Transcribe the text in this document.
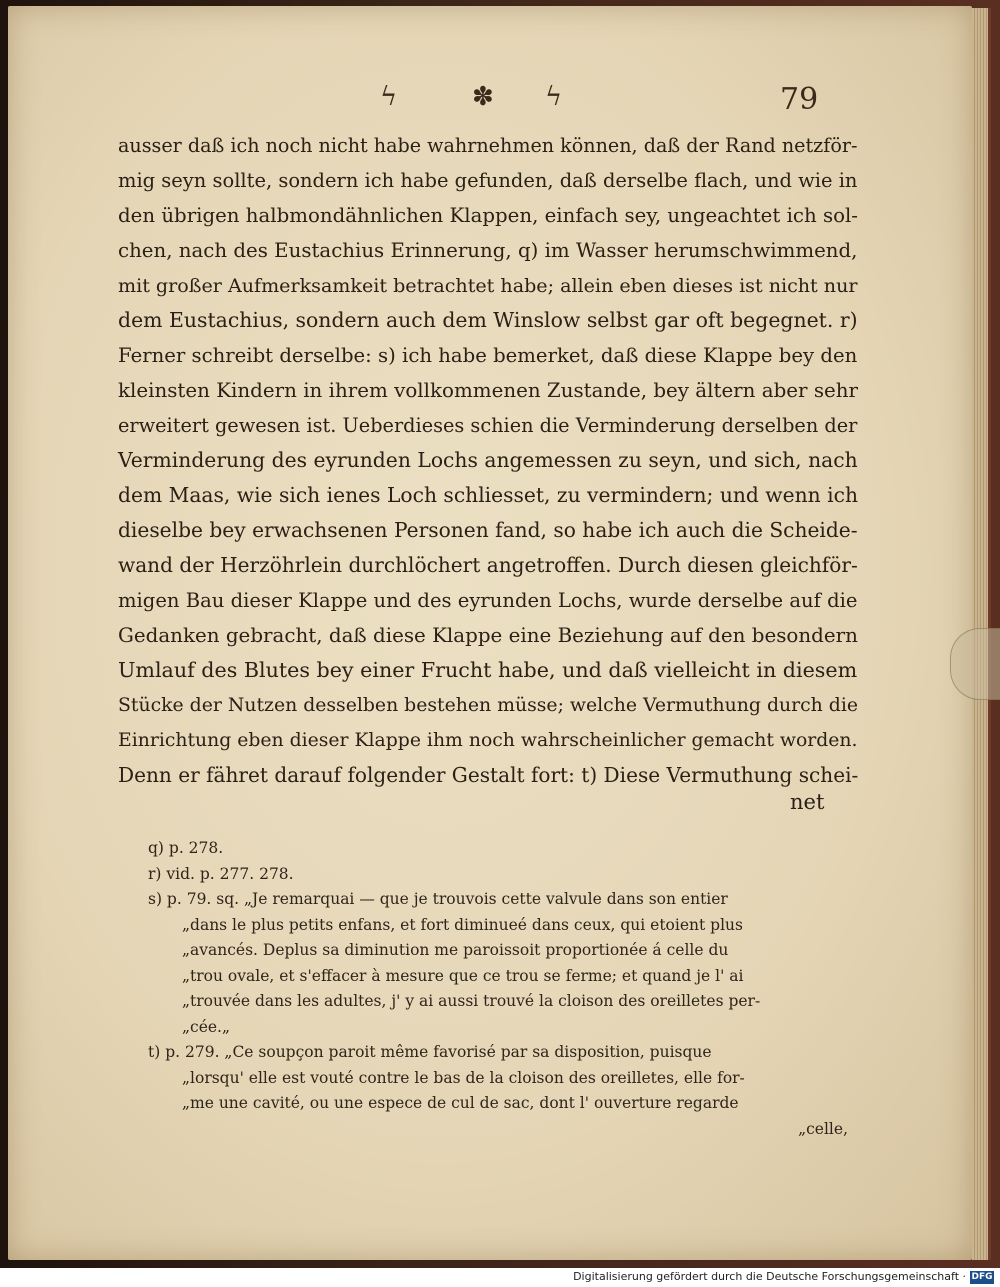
ϟ	✽ ϟ	79
ausser daß ich noch nicht habe wahrnehmen können, daß der Rand netzför-
mig seyn sollte, sondern ich habe gefunden, daß derselbe flach, und wie in
den übrigen halbmondähnlichen Klappen, einfach sey, ungeachtet ich sol-
chen, nach des Eustachius Erinnerung, q) im Wasser herumschwimmend,
mit großer Aufmerksamkeit betrachtet habe; allein eben dieses ist nicht nur
dem Eustachius, sondern auch dem Winslow selbst gar oft begegnet. r)
Ferner schreibt derselbe: s) ich habe bemerket, daß diese Klappe bey den
kleinsten Kindern in ihrem vollkommenen Zustande, bey ältern aber sehr
erweitert gewesen ist. Ueberdieses schien die Verminderung derselben der
Verminderung des eyrunden Lochs angemessen zu seyn, und sich, nach
dem Maas, wie sich ienes Loch schliesset, zu vermindern; und wenn ich
dieselbe bey erwachsenen Personen fand, so habe ich auch die Scheide-
wand der Herzöhrlein durchlöchert angetroffen. Durch diesen gleichför-
migen Bau dieser Klappe und des eyrunden Lochs, wurde derselbe auf die
Gedanken gebracht, daß diese Klappe eine Beziehung auf den besondern
Umlauf des Blutes bey einer Frucht habe, und daß vielleicht in diesem
Stücke der Nutzen desselben bestehen müsse; welche Vermuthung durch die
Einrichtung eben dieser Klappe ihm noch wahrscheinlicher gemacht worden.
Denn er fähret darauf folgender Gestalt fort: t) Diese Vermuthung schei-
net
q) p. 278.
r) vid. p. 277. 278.
s) p. 79. sq. „Je remarquai — que je trouvois cette valvule dans son entier
„dans le plus petits enfans, et fort diminueé dans ceux, qui etoient plus
„avancés. Deplus sa diminution me paroissoit proportionée á celle du
„trou ovale, et s'effacer à mesure que ce trou se ferme; et quand je l' ai
„trouvée dans les adultes, j' y ai aussi trouvé la cloison des oreilletes per-
„cée.„
t) p. 279. „Ce soupçon paroit même favorisé par sa disposition, puisque
„lorsqu' elle est vouté contre le bas de la cloison des oreilletes, elle for-
„me une cavité, ou une espece de cul de sac, dont l' ouverture regarde
„celle,
Digitalisierung gefördert durch die Deutsche Forschungsgemeinschaft · DFG
